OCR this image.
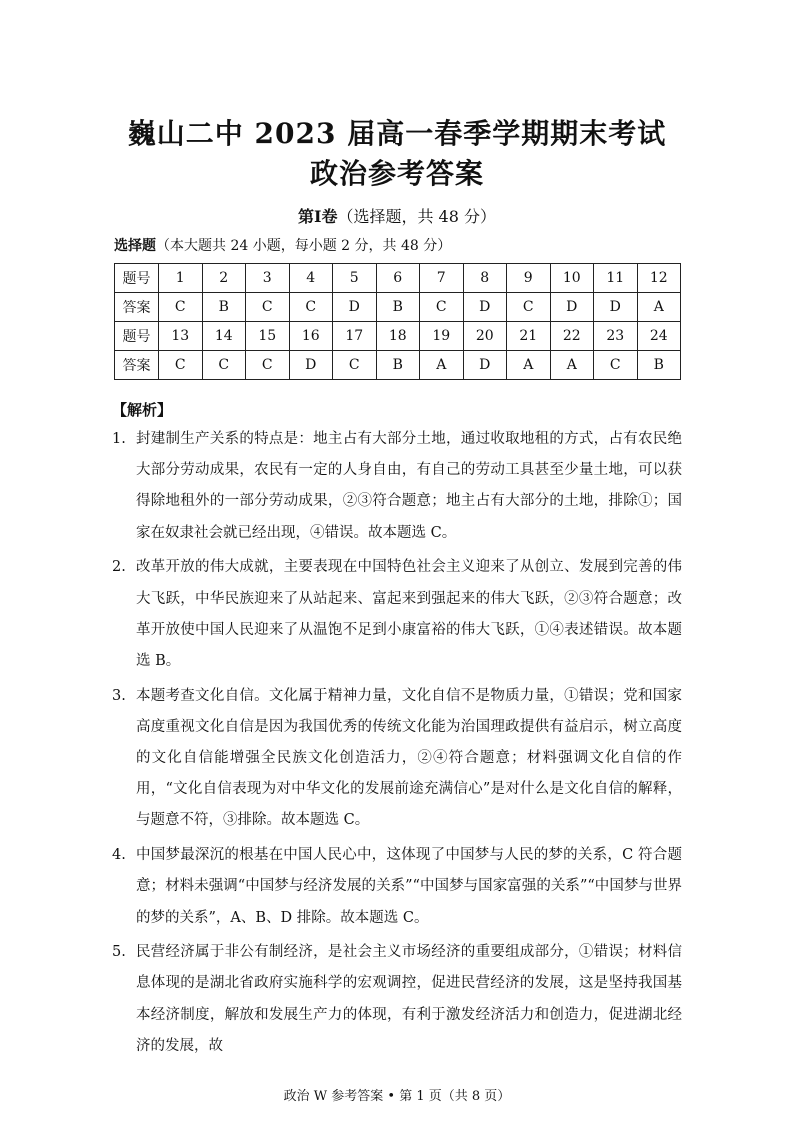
巍山二中 2023 届高一春季学期期末考试
政治参考答案
第Ⅰ卷（选择题，共 48 分）
选择题（本大题共 24 小题，每小题 2 分，共 48 分）
题号	1	2	3	4	5	6	7	8	9	10	11	12
答案	C	B	C	C	D	B	C	D	C	D	D	A
题号	13	14	15	16	17	18	19	20	21	22	23	24
答案	C	C	C	D	C	B	A	D	A	A	C	B
【解析】
1. 封建制生产关系的特点是：地主占有大部分土地，通过收取地租的方式，占有农民绝大部分劳动成果，农民有一定的人身自由，有自己的劳动工具甚至少量土地，可以获得除地租外的一部分劳动成果，②③符合题意；地主占有大部分的土地，排除①；国家在奴隶社会就已经出现，④错误。故本题选 C。
2. 改革开放的伟大成就，主要表现在中国特色社会主义迎来了从创立、发展到完善的伟大飞跃，中华民族迎来了从站起来、富起来到强起来的伟大飞跃，②③符合题意；改革开放使中国人民迎来了从温饱不足到小康富裕的伟大飞跃，①④表述错误。故本题选 B。
3. 本题考查文化自信。文化属于精神力量，文化自信不是物质力量，①错误；党和国家高度重视文化自信是因为我国优秀的传统文化能为治国理政提供有益启示，树立高度的文化自信能增强全民族文化创造活力，②④符合题意；材料强调文化自信的作用，“文化自信表现为对中华文化的发展前途充满信心”是对什么是文化自信的解释，与题意不符，③排除。故本题选 C。
4. 中国梦最深沉的根基在中国人民心中，这体现了中国梦与人民的梦的关系，C 符合题意；材料未强调“中国梦与经济发展的关系”“中国梦与国家富强的关系”“中国梦与世界的梦的关系”，A、B、D 排除。故本题选 C。
5. 民营经济属于非公有制经济，是社会主义市场经济的重要组成部分，①错误；材料信息体现的是湖北省政府实施科学的宏观调控，促进民营经济的发展，这是坚持我国基本经济制度，解放和发展生产力的体现，有利于激发经济活力和创造力，促进湖北经济的发展，故
政治 W 参考答案 • 第 1 页（共 8 页）
